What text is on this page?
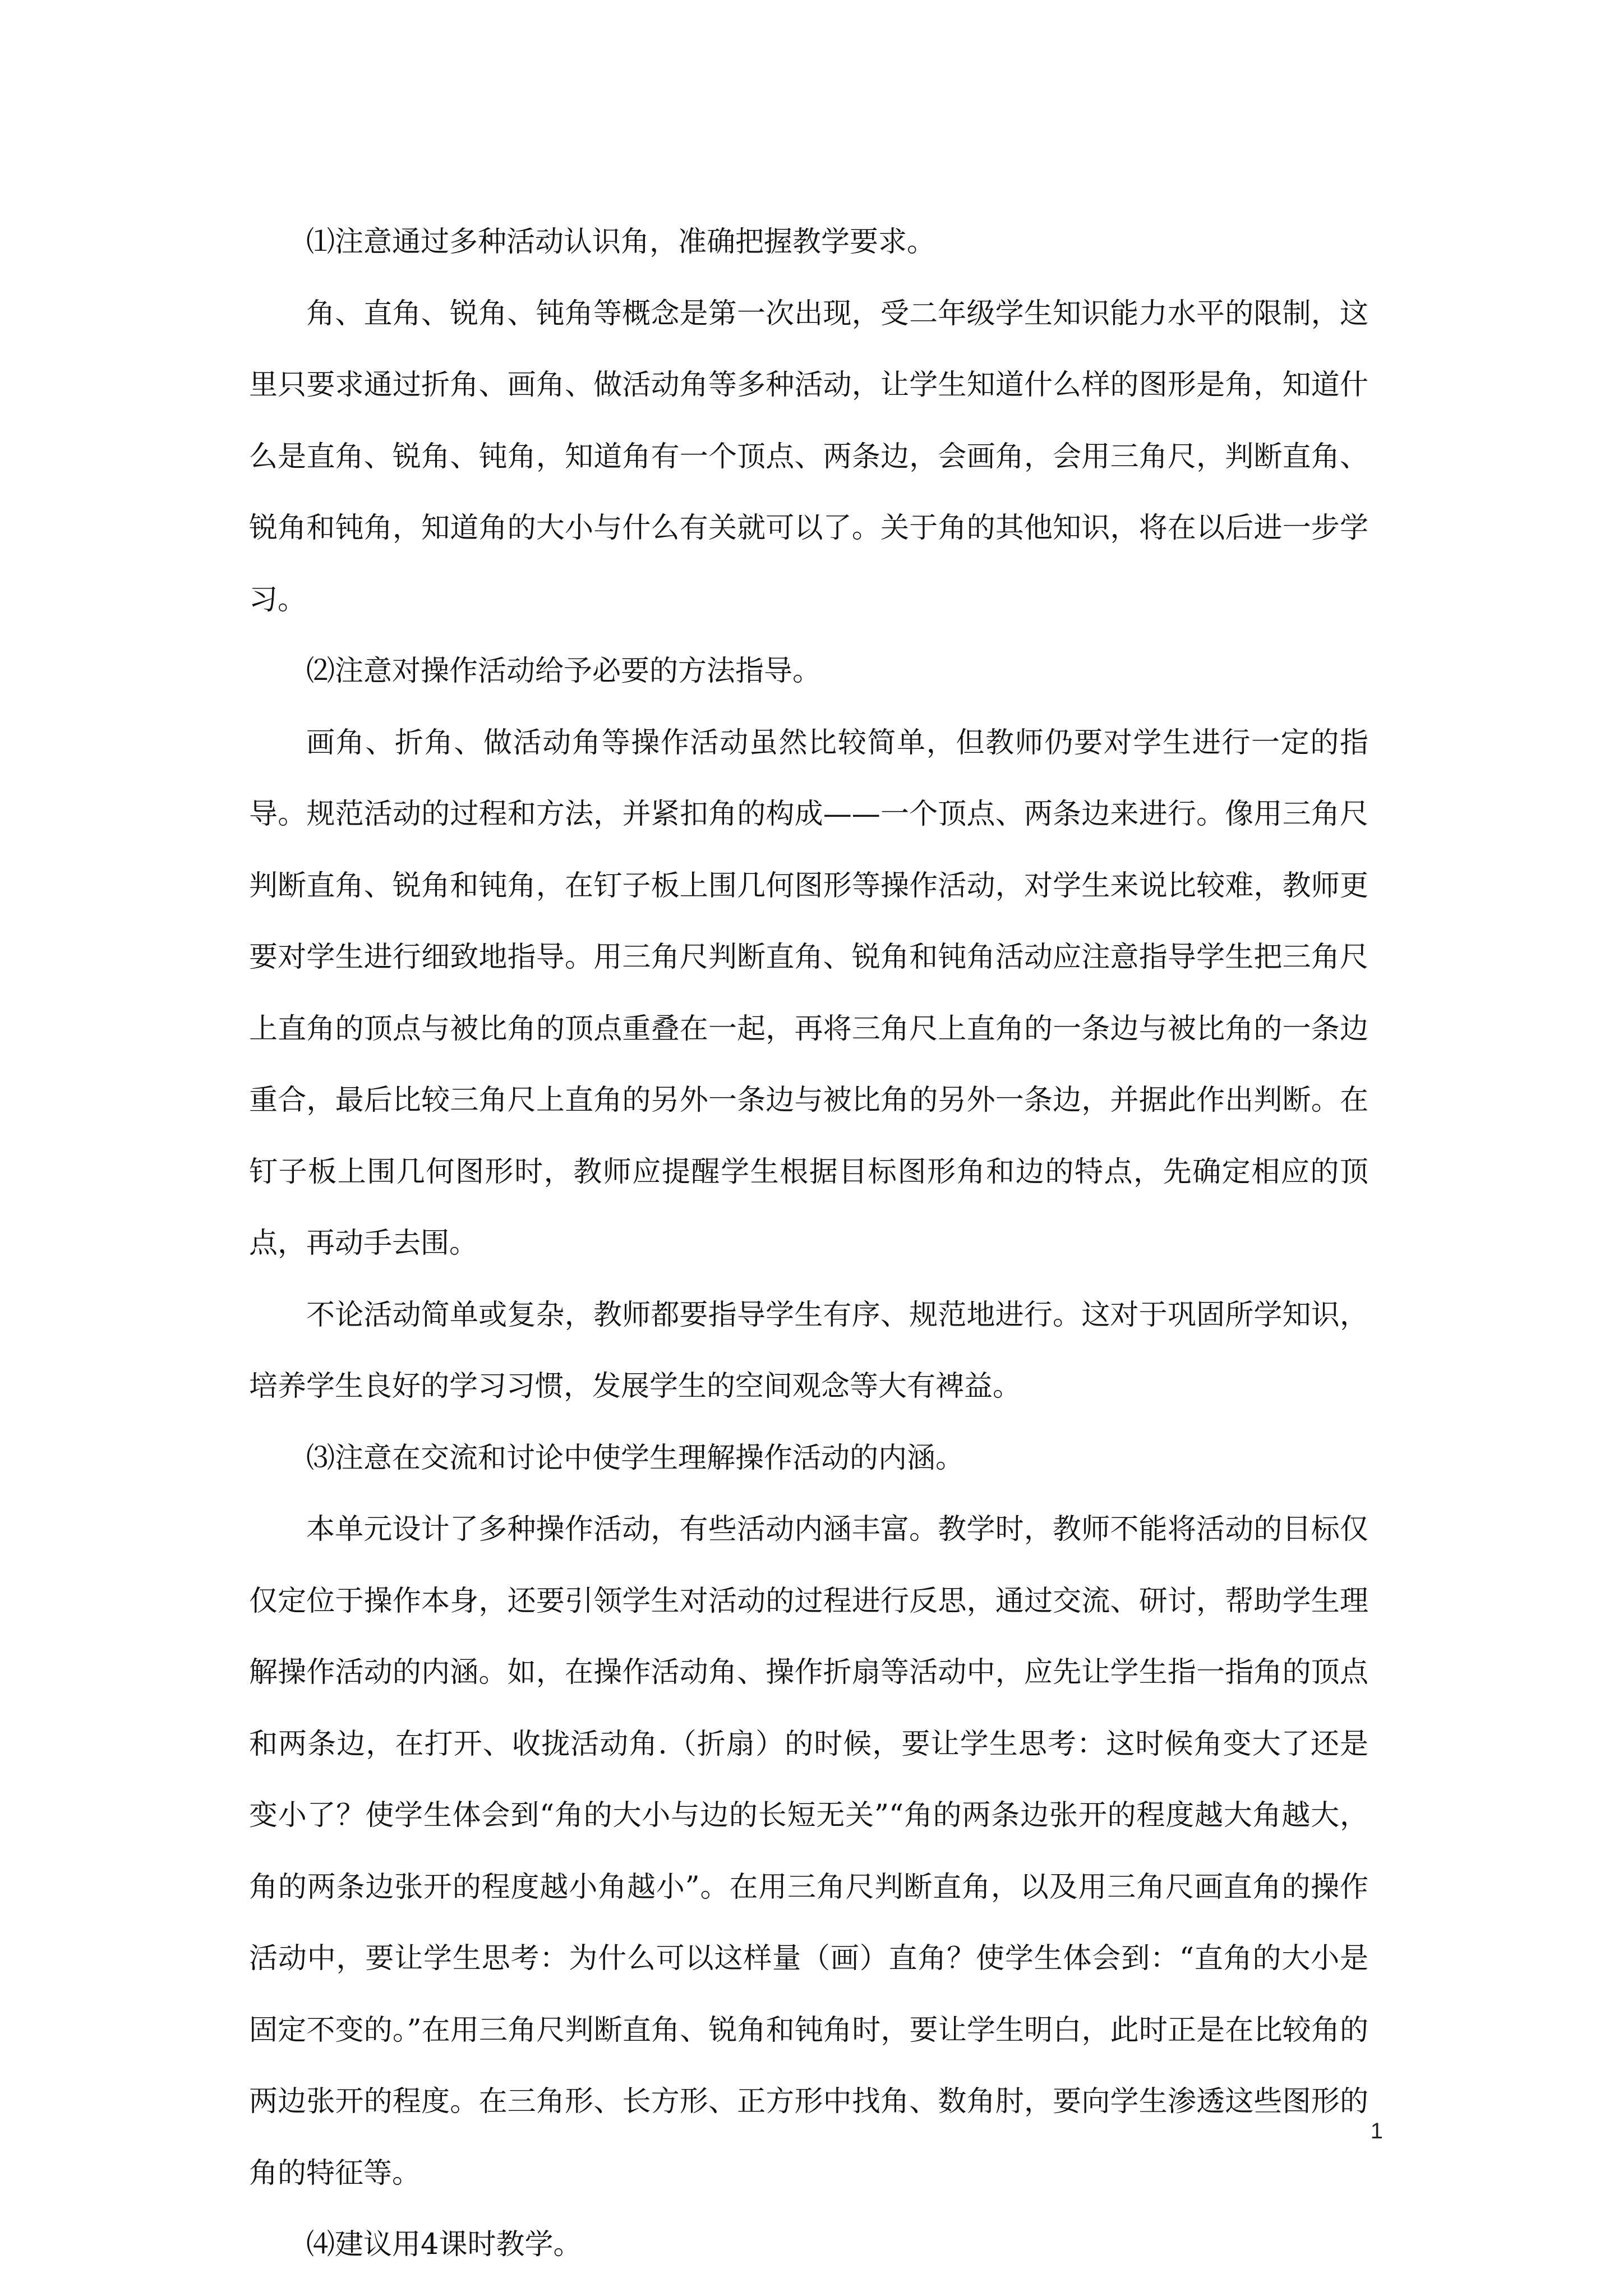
⑴注意通过多种活动认识角，准确把握教学要求。

角、直角、锐角、钝角等概念是第一次出现，受二年级学生知识能力水平的限制，这里只要求通过折角、画角、做活动角等多种活动，让学生知道什么样的图形是角，知道什么是直角、锐角、钝角，知道角有一个顶点、两条边，会画角，会用三角尺，判断直角、锐角和钝角，知道角的大小与什么有关就可以了。关于角的其他知识，将在以后进一步学习。

⑵注意对操作活动给予必要的方法指导。

画角、折角、做活动角等操作活动虽然比较简单，但教师仍要对学生进行一定的指导。规范活动的过程和方法，并紧扣角的构成——一个顶点、两条边来进行。像用三角尺判断直角、锐角和钝角，在钉子板上围几何图形等操作活动，对学生来说比较难，教师更要对学生进行细致地指导。用三角尺判断直角、锐角和钝角活动应注意指导学生把三角尺上直角的顶点与被比角的顶点重叠在一起，再将三角尺上直角的一条边与被比角的一条边重合，最后比较三角尺上直角的另外一条边与被比角的另外一条边，并据此作出判断。在钉子板上围几何图形时，教师应提醒学生根据目标图形角和边的特点，先确定相应的顶点，再动手去围。

不论活动简单或复杂，教师都要指导学生有序、规范地进行。这对于巩固所学知识，培养学生良好的学习习惯，发展学生的空间观念等大有裨益。

⑶注意在交流和讨论中使学生理解操作活动的内涵。

本单元设计了多种操作活动，有些活动内涵丰富。教学时，教师不能将活动的目标仅仅定位于操作本身，还要引领学生对活动的过程进行反思，通过交流、研讨，帮助学生理解操作活动的内涵。如，在操作活动角、操作折扇等活动中，应先让学生指一指角的顶点和两条边，在打开、收拢活动角.（折扇）的时候，要让学生思考：这时候角变大了还是变小了？使学生体会到“角的大小与边的长短无关”“角的两条边张开的程度越大角越大，角的两条边张开的程度越小角越小”。在用三角尺判断直角，以及用三角尺画直角的操作活动中，要让学生思考：为什么可以这样量（画）直角？使学生体会到：“直角的大小是固定不变的。”在用三角尺判断直角、锐角和钝角时，要让学生明白，此时正是在比较角的两边张开的程度。在三角形、长方形、正方形中找角、数角肘，要向学生渗透这些图形的角的特征等。

⑷建议用4课时教学。

1
